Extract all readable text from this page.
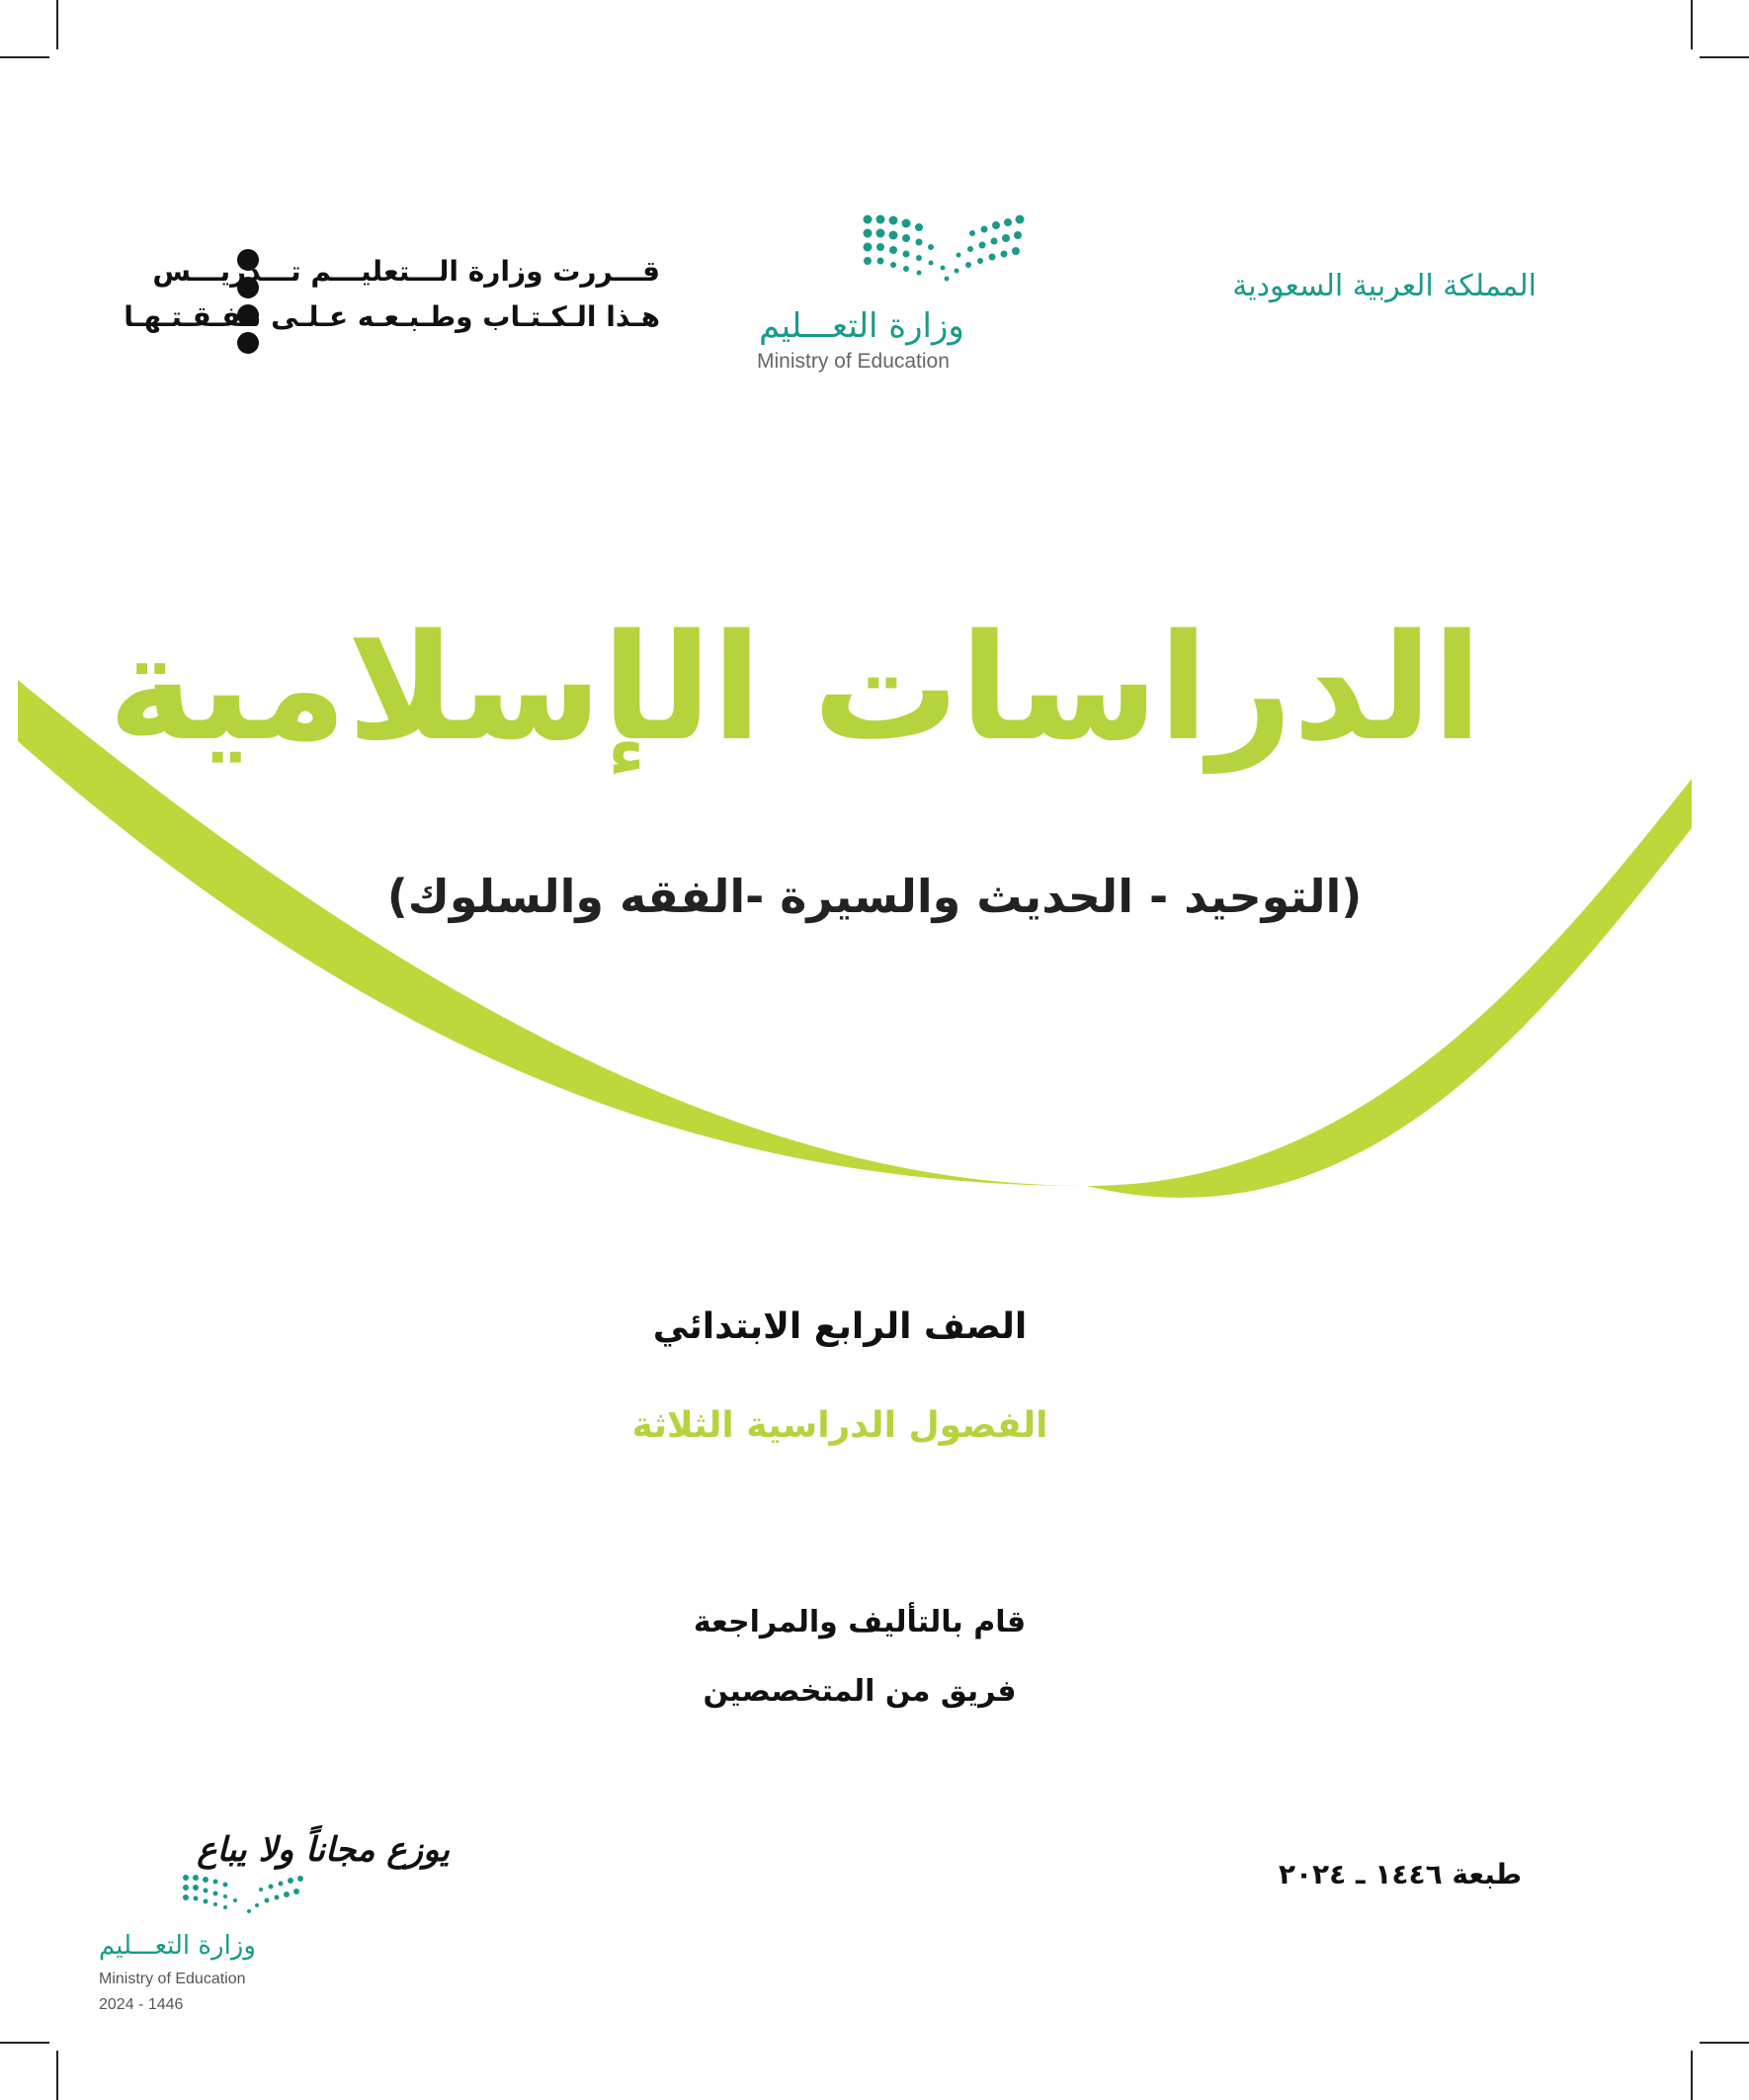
المملكة العربية السعودية
وزارة التعـــليم
Ministry of Education
قـــررت وزارة الـــتعليـــم تـــدريـــس
هـذا الـكـتـاب وطـبـعـه عـلـى نـفـقـتـهـا
الدراسات الإسلامية
(التوحيد - الحديث والسيرة -الفقه والسلوك)
الصف الرابع الابتدائي
الفصول الدراسية الثلاثة
قام بالتأليف والمراجعة
فريق من المتخصصين
طبعة ١٤٤٦ ـ ٢٠٢٤
يوزع مجاناً ولا يباع
وزارة التعـــليم
Ministry of Education
2024 - 1446
